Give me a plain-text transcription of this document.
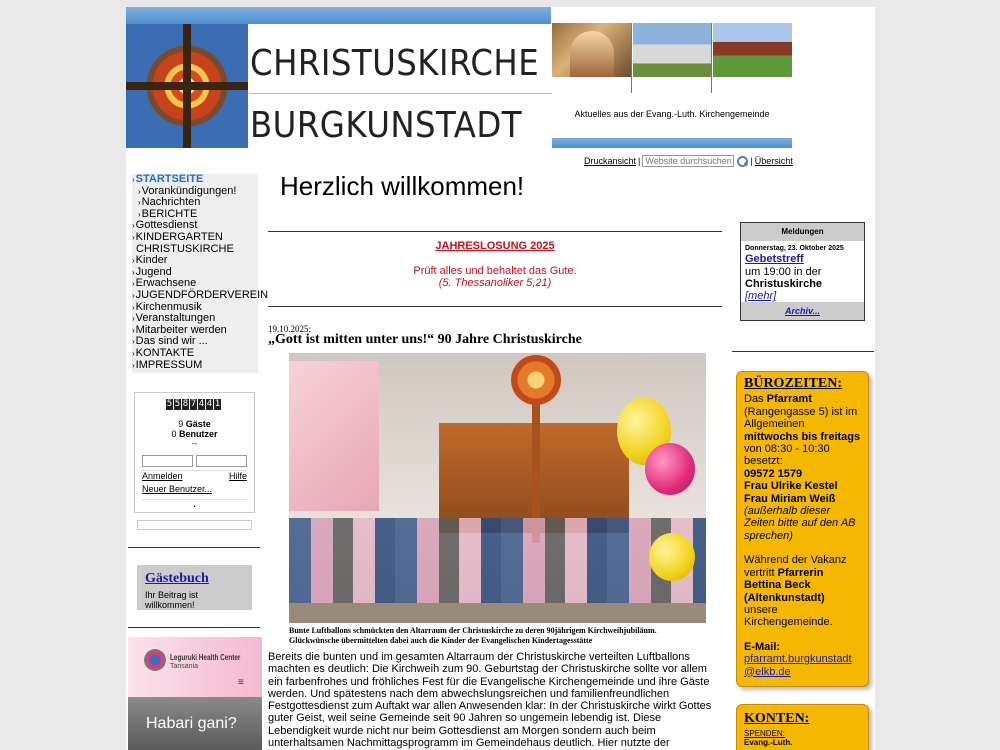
CHRISTUSKIRCHE
BURGKUNSTADT	Aktuelles aus der Evang.-Luth. Kirchengemeinde
Druckansicht |
Website durchsuchen	| Übersicht
›STARTSEITE
›Vorankündigungen!
›Nachrichten
›BERICHTE
›Gottesdienst
›KINDERGARTEN
CHRISTUSKIRCHE
›Kinder
›Jugend
›Erwachsene
›JUGENDFÖRDERVEREIN
›Kirchenmusik
›Veranstaltungen
›Mitarbeiter werden
›Das sind wir ...
›KONTAKTE
›IMPRESSUM
5 5 8 7 4 4 1
9 Gäste
0 Benutzer
--
Anmelden	Hilfe
Neuer Benutzer...
.
Gästebuch
Ihr Beitrag ist willkommen!
Leguruki Health Center
Tansania
≡
Habari gani?
Herzlich willkommen!
JAHRESLOSUNG 2025
Prüft alles und behaltet das Gute.
(5. Thessanoliker 5,21)
19.10.2025:
„Gott ist mitten unter uns!“ 90 Jahre Christuskirche
Bunte Luftballons schmückten den Altarraum der Christuskirche zu deren 90jährigem Kirchweihjubiläum. Glückwünsche übermittelten dabei auch die Kinder der Evangelischen Kindertagesstätte
Bereits die bunten und im gesamten Altarraum der Christuskirche verteilten Luftballons machten es deutlich: Die Kirchweih zum 90. Geburtstag der Christuskirche sollte vor allem ein farbenfrohes und fröhliches Fest für die Evangelische Kirchengemeinde und ihre Gäste werden. Und spätestens nach dem abwechslungsreichen und familienfreundlichen Festgottesdienst zum Auftakt war allen Anwesenden klar: In der Christuskirche wirkt Gottes guter Geist, weil seine Gemeinde seit 90 Jahren so ungemein lebendig ist. Diese Lebendigkeit wurde nicht nur beim Gottesdienst am Morgen sondern auch beim unterhaltsamen Nachmittagsprogramm im Gemeindehaus deutlich. Hier nutzte der
Meldungen
Donnerstag, 23. Oktober 2025
Gebetstreff
um 19:00 in der
Christuskirche
[mehr]
Archiv...
BÜROZEITEN:
Das Pfarramt (Rangengasse 5) ist im Allgemeinen
mittwochs bis freitags
von 08:30 - 10:30 besetzt:
09572 1579
Frau Ulrike Kestel
Frau Miriam Weiß
(außerhalb dieser Zeiten bitte auf den AB sprechen)
Während der Vakanz vertritt Pfarrerin Bettina Beck (Altenkunstadt) unsere Kirchengemeinde.
E-Mail:
pfarramt.burgkunstadt@elkb.de
KONTEN:
SPENDEN:
Evang.-Luth.
